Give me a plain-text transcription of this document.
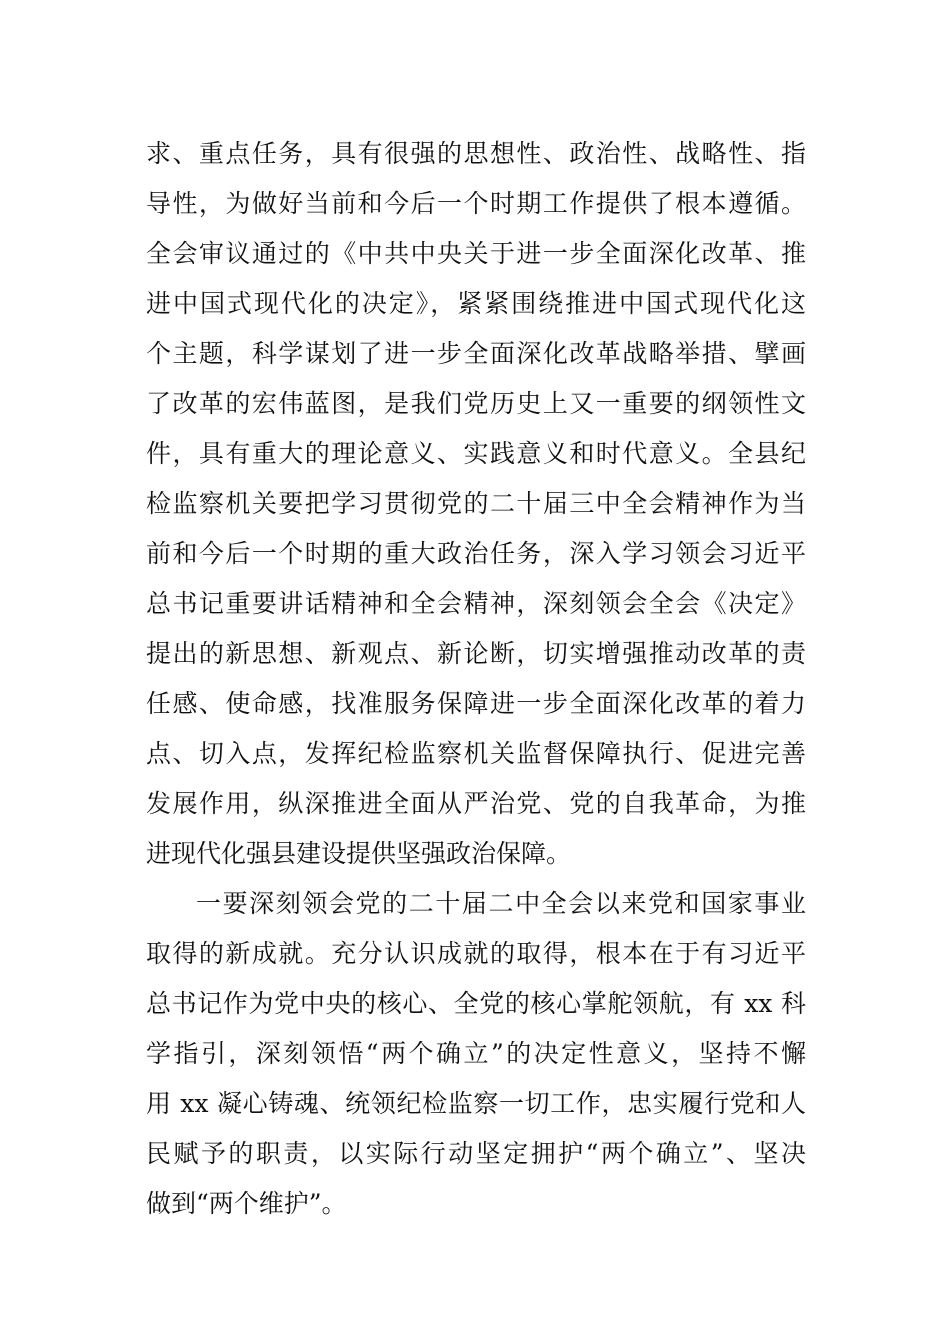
求、重点任务，具有很强的思想性、政治性、战略性、指

导性，为做好当前和今后一个时期工作提供了根本遵循。

全会审议通过的《中共中央关于进一步全面深化改革、推

进中国式现代化的决定》，紧紧围绕推进中国式现代化这

个主题，科学谋划了进一步全面深化改革战略举措、擘画

了改革的宏伟蓝图，是我们党历史上又一重要的纲领性文

件，具有重大的理论意义、实践意义和时代意义。全县纪

检监察机关要把学习贯彻党的二十届三中全会精神作为当

前和今后一个时期的重大政治任务，深入学习领会习近平

总书记重要讲话精神和全会精神，深刻领会全会《决定》

提出的新思想、新观点、新论断，切实增强推动改革的责

任感、使命感，找准服务保障进一步全面深化改革的着力

点、切入点，发挥纪检监察机关监督保障执行、促进完善

发展作用，纵深推进全面从严治党、党的自我革命，为推

进现代化强县建设提供坚强政治保障。

一要深刻领会党的二十届二中全会以来党和国家事业

取得的新成就。充分认识成就的取得，根本在于有习近平

总书记作为党中央的核心、全党的核心掌舵领航，有 xx 科

学指引，深刻领悟“两个确立”的决定性意义，坚持不懈

用 xx 凝心铸魂、统领纪检监察一切工作，忠实履行党和人

民赋予的职责，以实际行动坚定拥护“两个确立”、坚决

做到“两个维护”。
